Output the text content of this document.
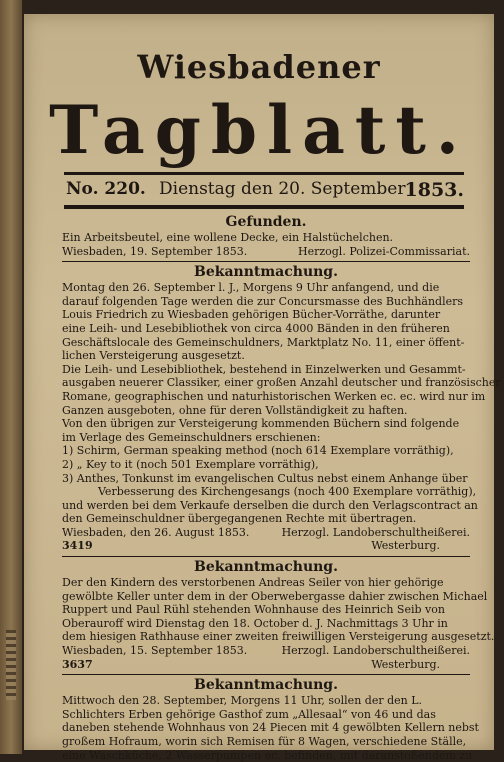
Wiesbadener
Tagblatt.
No. 220. Dienstag den 20. September 1853.
Gefunden.
Ein Arbeitsbeutel, eine wollene Decke, ein Halstüchelchen.
Wiesbaden, 19. September 1853.	Herzogl. Polizei-Commissariat.
Bekanntmachung.
Montag den 26. September l. J., Morgens 9 Uhr anfangend, und die
darauf folgenden Tage werden die zur Concursmasse des Buchhändlers
Louis Friedrich zu Wiesbaden gehörigen Bücher-Vorräthe, darunter
eine Leih- und Lesebibliothek von circa 4000 Bänden in den früheren
Geschäftslocale des Gemeinschuldners, Marktplatz No. 11, einer öffent-
lichen Versteigerung ausgesetzt.
Die Leih- und Lesebibliothek, bestehend in Einzelwerken und Gesammt-
ausgaben neuerer Classiker, einer großen Anzahl deutscher und französischer
Romane, geographischen und naturhistorischen Werken ec. ec. wird nur im
Ganzen ausgeboten, ohne für deren Vollständigkeit zu haften.
Von den übrigen zur Versteigerung kommenden Büchern sind folgende
im Verlage des Gemeinschuldners erschienen:
1) Schirm, German speaking method (noch 614 Exemplare vorräthig),
2) „ Key to it (noch 501 Exemplare vorräthig),
3) Anthes, Tonkunst im evangelischen Cultus nebst einem Anhange über
Verbesserung des Kirchengesangs (noch 400 Exemplare vorräthig),
und werden bei dem Verkaufe derselben die durch den Verlagscontract an
den Gemeinschuldner übergegangenen Rechte mit übertragen.
Wiesbaden, den 26. August 1853.	Herzogl. Landoberschultheißerei.
3419	Westerburg.
Bekanntmachung.
Der den Kindern des verstorbenen Andreas Seiler von hier gehörige
gewölbte Keller unter dem in der Oberwebergasse dahier zwischen Michael
Ruppert und Paul Rühl stehenden Wohnhause des Heinrich Seib von
Oberauroff wird Dienstag den 18. October d. J. Nachmittags 3 Uhr in
dem hiesigen Rathhause einer zweiten freiwilligen Versteigerung ausgesetzt.
Wiesbaden, 15. September 1853.	Herzogl. Landoberschultheißerei.
3637	Westerburg.
Bekanntmachung.
Mittwoch den 28. September, Morgens 11 Uhr, sollen der den L.
Schlichters Erben gehörige Gasthof zum „Allesaal“ von 46 und das
daneben stehende Wohnhaus von 24 Piecen mit 4 gewölbten Kellern nebst
großem Hofraum, worin sich Remisen für 8 Wagen, verschiedene Ställe,
eine Waschküche, 2 Wasserpumpen ec. befinden, mit daranstoßendem zu
